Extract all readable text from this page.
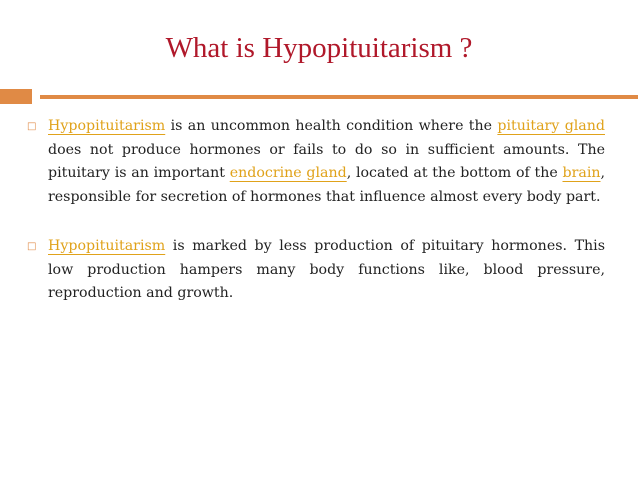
What is Hypopituitarism ?
□ Hypopituitarism is an uncommon health condition where the pituitary gland does not produce hormones or fails to do so in sufficient amounts. The pituitary is an important endocrine gland, located at the bottom of the brain, responsible for secretion of hormones that influence almost every body part.

□ Hypopituitarism is marked by less production of pituitary hormones. This low production hampers many body functions like, blood pressure, reproduction and growth.
